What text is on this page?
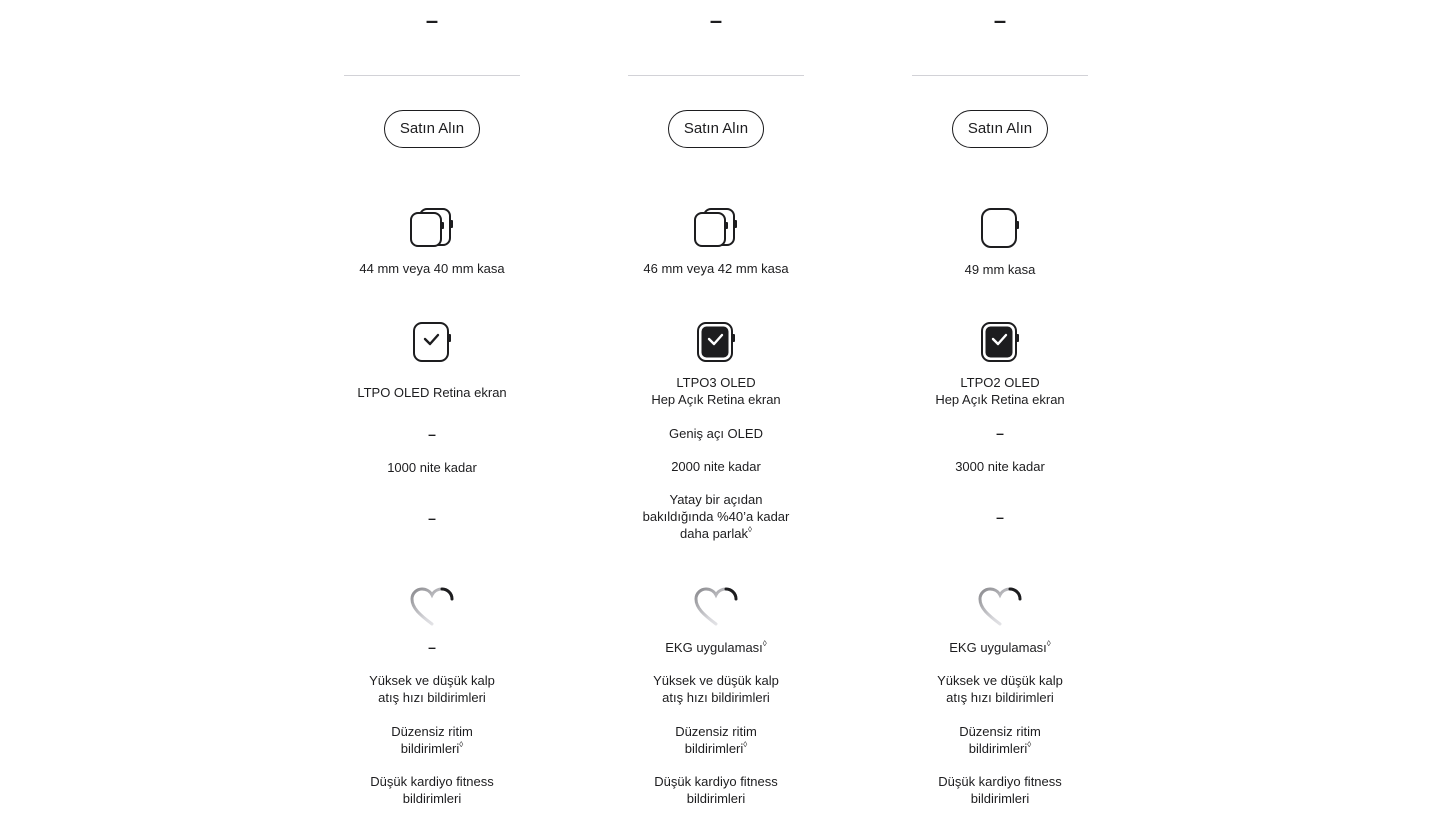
–
Satın Alın
44 mm veya 40 mm kasa
LTPO OLED Retina ekran
–
1000 nite kadar
–
–
Yüksek ve düşük kalp
atış hızı bildirimleri
Düzensiz ritim
bildirimleri◊
Düşük kardiyo fitness
bildirimleri
–
Satın Alın
46 mm veya 42 mm kasa
LTPO3 OLED
Hep Açık Retina ekran
Geniş açı OLED
2000 nite kadar
Yatay bir açıdan
bakıldığında %40’a kadar
daha parlak◊
EKG uygulaması◊
Yüksek ve düşük kalp
atış hızı bildirimleri
Düzensiz ritim
bildirimleri◊
Düşük kardiyo fitness
bildirimleri
–
Satın Alın
49 mm kasa
LTPO2 OLED
Hep Açık Retina ekran
–
3000 nite kadar
–
EKG uygulaması◊
Yüksek ve düşük kalp
atış hızı bildirimleri
Düzensiz ritim
bildirimleri◊
Düşük kardiyo fitness
bildirimleri
